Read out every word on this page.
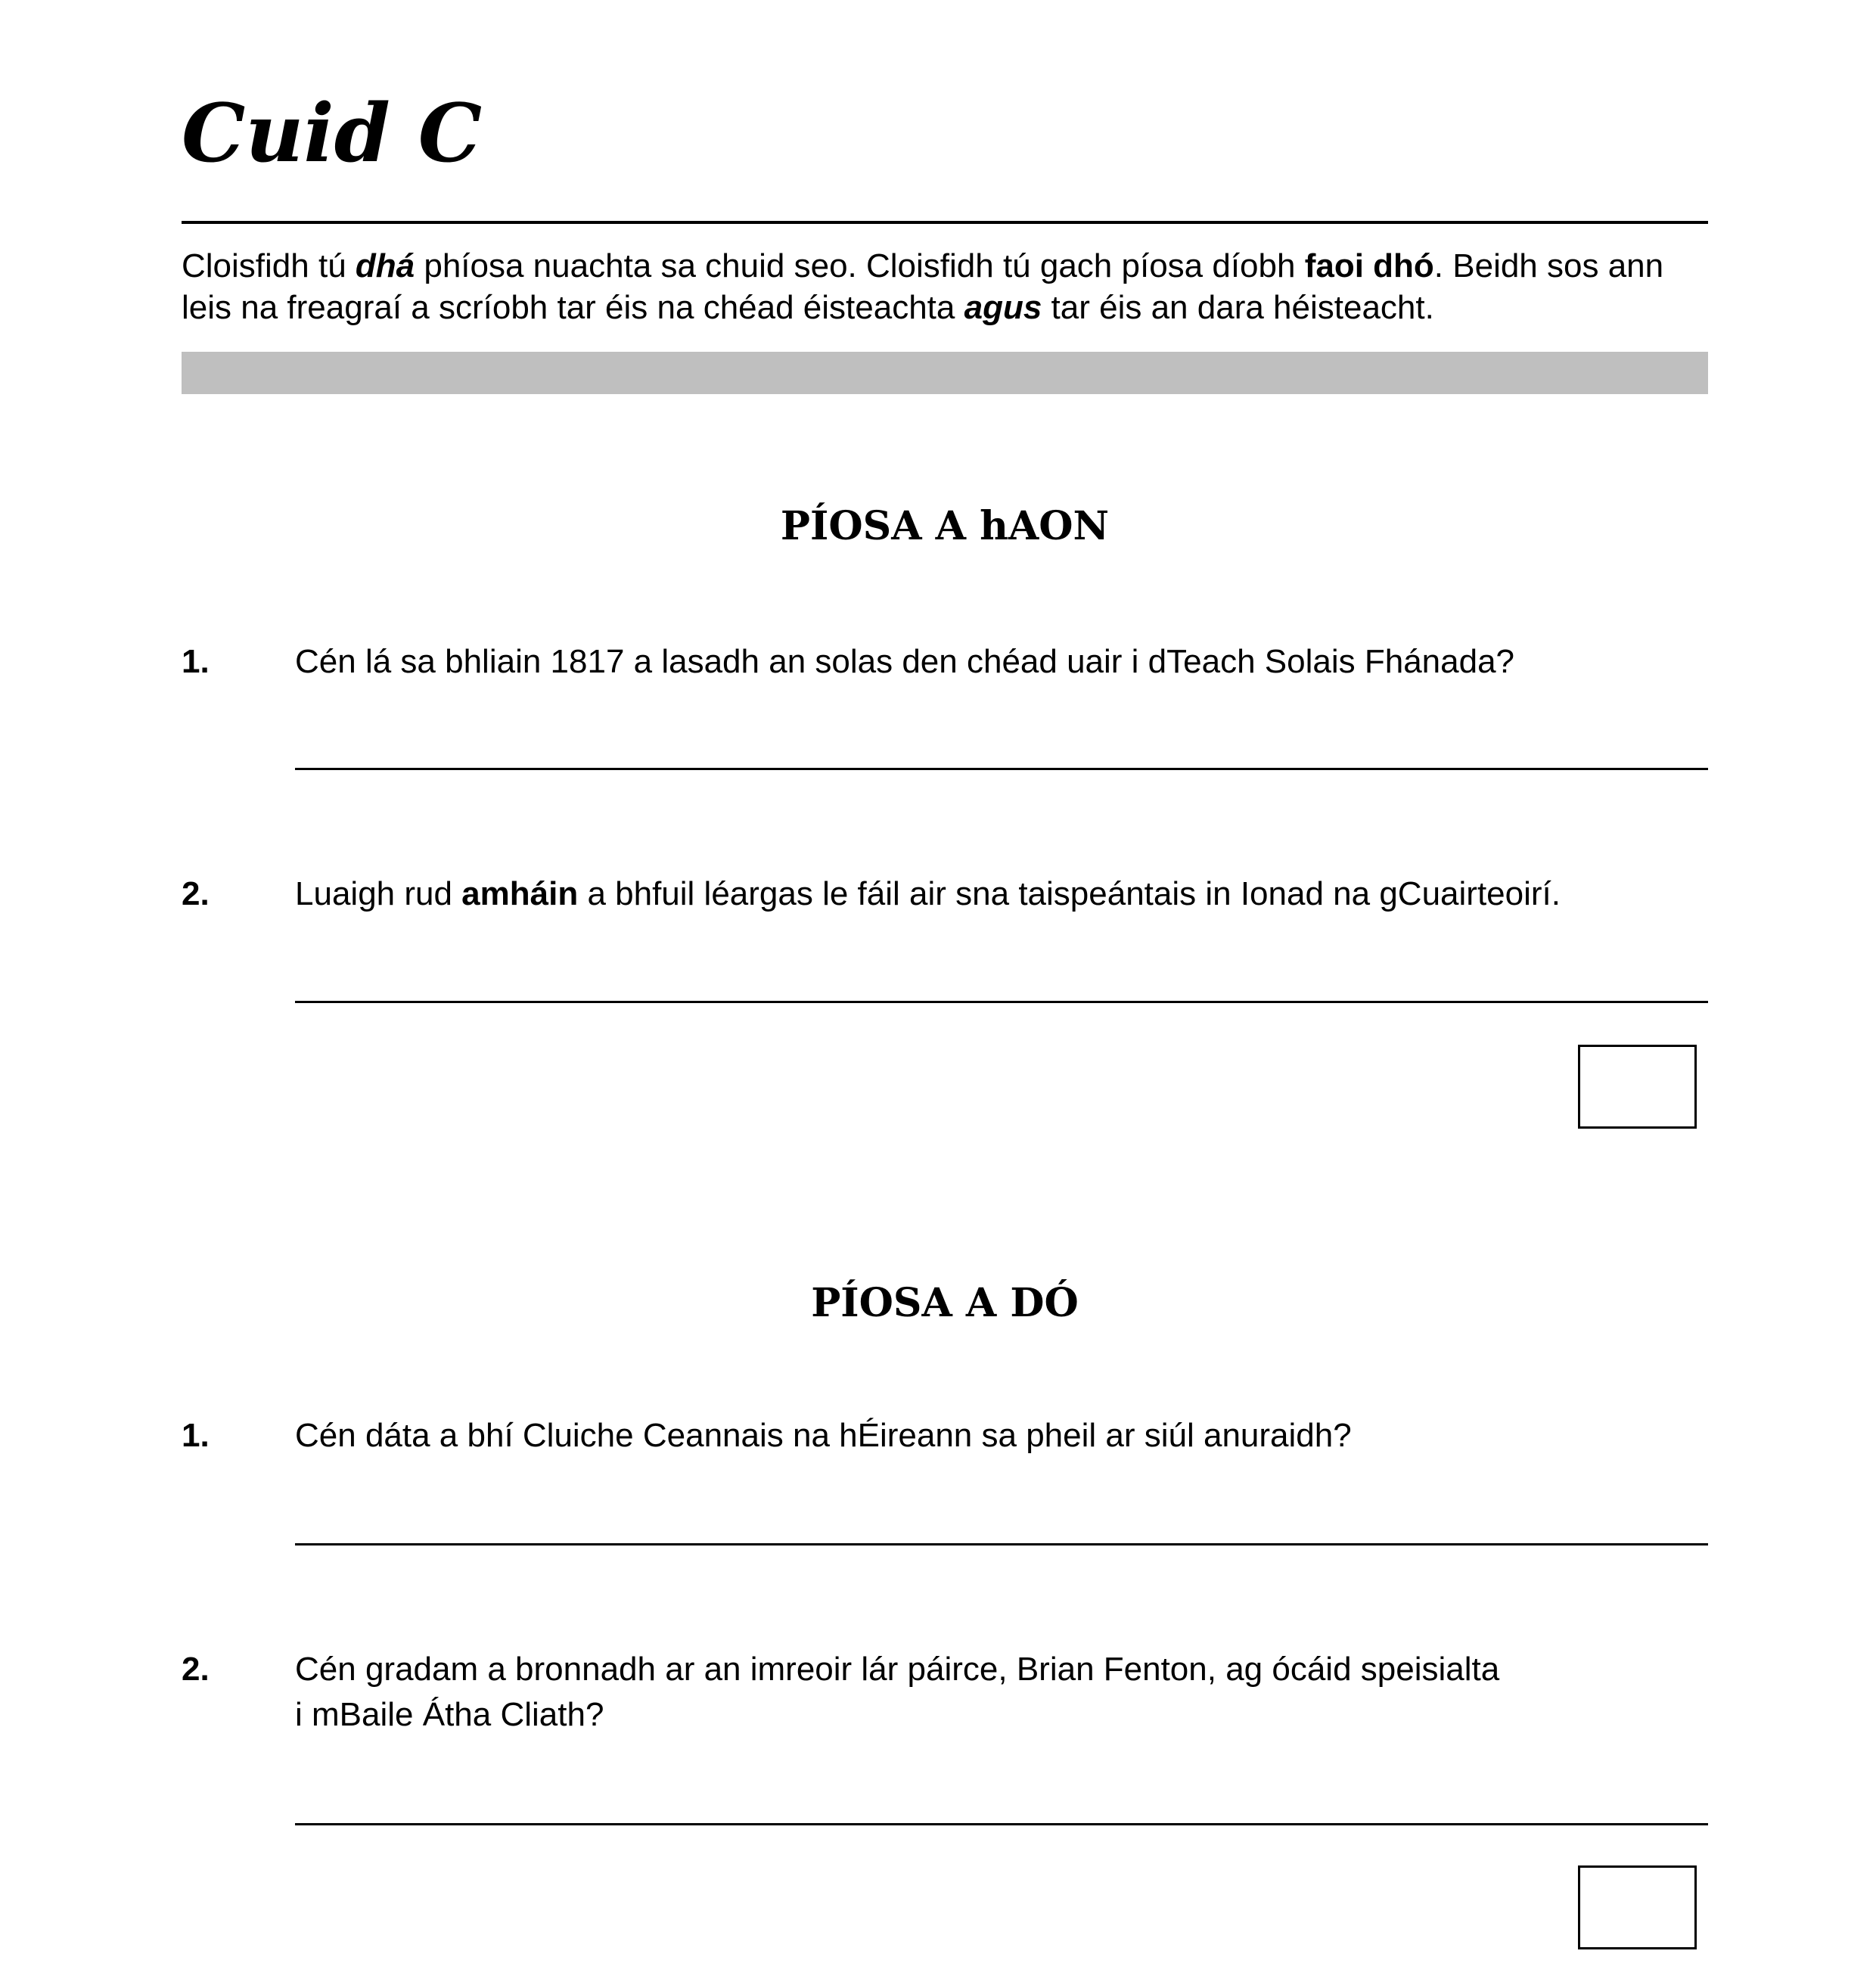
Cuid C
Cloisfidh tú dhá phíosa nuachta sa chuid seo. Cloisfidh tú gach píosa díobh faoi dhó. Beidh sos ann
leis na freagraí a scríobh tar éis na chéad éisteachta agus tar éis an dara héisteacht.
PÍOSA A hAON
1.	Cén lá sa bhliain 1817 a lasadh an solas den chéad uair i dTeach Solais Fhánada?
2.	Luaigh rud amháin a bhfuil léargas le fáil air sna taispeántais in Ionad na gCuairteoirí.
PÍOSA A DÓ
1.	Cén dáta a bhí Cluiche Ceannais na hÉireann sa pheil ar siúl anuraidh?
2.	Cén gradam a bronnadh ar an imreoir lár páirce, Brian Fenton, ag ócáid speisialta
i mBaile Átha Cliath?
